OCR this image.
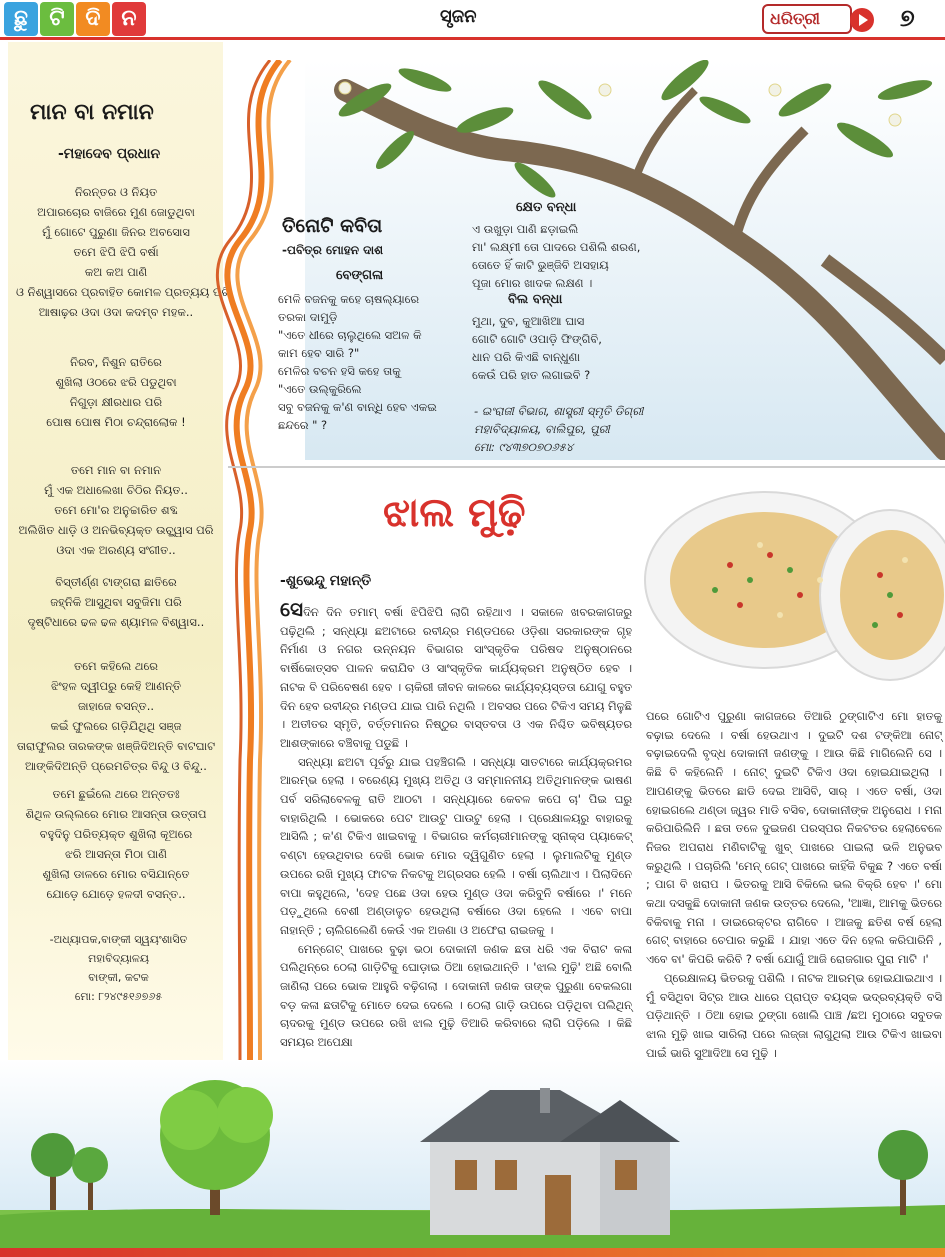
ଛୁ ଟି ଦି ନ	ସୃଜନ	ଧରିତ୍ରୀ	୭
ମାନ ବା ନମାନ
-ମହାଦେବ ପ୍ରଧାନ
ନିରନ୍ତର ଓ ନିୟତ
ଅପାରଚୋର ବାଜିରେ ମୁଣ ଜୋଡୁଥିବା
ମୁଁ ଗୋଟେ ପୁରୁଣା ଜିନର ଅବସୋସ
ତମେ ଝିପି ଝିପି ବର୍ଷା
କଅ କଅ ପାଣି
ଓ ନିଶ୍ୱାସରେ ପ୍ରବାହିତ କୋମଳ ପ୍ରତ୍ୟୟ ପରି
ଆଷାଢ଼ର ଓଦା ଓଦା କଦମ୍ବ ମହକ..
ନିରବ, ନିଶୁନ ରାତିରେ
ଶୁଖିଲା ଓଠରେ ଝରି ପଡୁଥିବା
ନିଗୁଡ଼ା କ୍ଷୀରଧାର ପରି
ପୋଷ ପୋଷ ମିଠା ଚନ୍ଦ୍ରାଲୋକ !
ତମେ ମାନ ବା ନମାନ
ମୁଁ ଏକ ଅଧାଲେଖା ଚିଠିର ନିୟତ..
ତମେ ମୋ'ର ଅନୁଚ୍ଚାରିତ ଶବ୍ଦ
ଅଲିଖିତ ଧାଡ଼ି ଓ ଅନଭିବ୍ୟକ୍ତ ଉଚ୍ଛ୍ୱାସ ପରି
ଓଦା ଏକ ଅରଣ୍ୟ ସଂଗୀତ..
ବିସ୍ତୀର୍ଣ୍ଣ ଟାଙ୍ଗରା ଛାତିରେ
ଜହ୍ନିକି ଆସୁଥିବା ସବୁଜିମା ପରି
ଦୃଷ୍ଟିଧାରେ ଢଳ ଢଳ ଶ୍ୟାମଳ ବିଶ୍ୱାସ..
ତମେ କହିଲେ ଥରେ
ଝିଂହଳ ଦ୍ୱୀପରୁ କେହି ଆଣନ୍ତି
ଜାହାଜେ ବସନ୍ତ..
କଇଁ ଫୁଲରେ ଗଡ଼ିଯିଥିଥି ସଞ୍ଜ
ତାରାଫୁଲର ତାରକଙ୍କ ଖଞ୍ଜିଦିଅନ୍ତି ବାଟଘାଟ
ଆଙ୍କିଦିଅନ୍ତି ପ୍ରେମଚିତ୍ର ବିନ୍ଦୁ ଓ ବିନ୍ଦୁ..
ତମେ ଛୁଇଁଲେ ଥରେ ଅନ୍ତତଃ
ଶିଥିଳ ଉଲ୍ଲରେ ମୋର ଆସନ୍ତା ଉତ୍ତାପ
ବହୁଦିନୁ ପରିତ୍ୟକ୍ତ ଶୁଖିଲା କୂଅରେ
ଝରି ଆସନ୍ତା ମିଠା ପାଣି
ଶୁଖିଲା ଡାଳରେ ମୋର ବସିଯାନ୍ତେ
ଯୋଡ଼େ ଯୋଡ଼େ ହଳଦୀ ବସନ୍ତ..
-ଅଧ୍ୟାପକ,ବାଙ୍କୀ ସ୍ୱୟଂଶାସିତ
ମହାବିଦ୍ୟାଳୟ
ବାଙ୍କୀ, କଟକ
ମୋ: ୮୨୪୯୫୧୬୭୬୫
ତିନୋଟି କବିତା
-ପବିତ୍ର ମୋହନ ଦାଶ
ବେଙ୍ଗଳା
ମେଳି ବଜନକୁ କହେ ଚାଷଲ୍ୟାରେ
ତରକା ଦାମୁଡ଼ି
"ଏତେ ଧୀରେ ଚାଲୁଥିଲେ ସଅଳ କି
କାମ ହେବ ସାରି ?"
ମେଳିର ବଚନ ହସି କହେ ତାକୁ
"ଏତେ ଉଲ୍କୁରିଲେ
ସବୁ ବଜନକୁ କ'ଣ ବାନ୍ଧି ହେବ ଏକଇ
ଛନ୍ଦରେ " ?
କ୍ଷେତ ବନ୍ଧା
ଏ ଉଖୁଡ଼ା ପାଣି ଛଡ଼ାଇଲି
ମା' ଲକ୍ଷ୍ମୀ ତୋ ପାଦରେ ପଶିଲି ଶରଣ,
ତୋତେ ହିଁ କାଟି ଭୁଞ୍ଜିବି ଅସହାୟ
ପୂଜା ମୋର ଖାଦକ ଲକ୍ଷଣ ।
ବିଲ ବନ୍ଧା
ମୁଥା, ଦୁବ, କୁଆଖିଆ ଘାସ
ଗୋଟି ଗୋଟି ଓପାଡ଼ି ଫିଙ୍ଗିବି,
ଧାନ ପରି କିଏଛି ବାନ୍ଧୁଣା
କେଉଁ ପରି ହାତ ଲଗାଇବି ?
- ଇଂରାଜୀ ବିଭାଗ, ଶାସ୍ତ୍ରୀ ସ୍ମୃତି ଡିଗ୍ରୀ
ମହାବିଦ୍ୟାଳୟ, ବାଲିପୁର, ପୁରୀ
ମୋ: ୯୪୩୭୦୭୦୬୫୪
ଝାଲ ମୁଢ଼ି
-ଶୁଭେନ୍ଦୁ ମହାନ୍ତି

ସେଦିନ ଦିନ ତମାମ୍ ବର୍ଷା ଝିପିଝିପି ଲାଗି ରହିଥାଏ । ସକାଳେ ଖବରକାଗଜରୁ ପଢ଼ିଥିଲି ; ସନ୍ଧ୍ୟା ଛଅଟାରେ ରବୀନ୍ଦ୍ର ମଣ୍ଡପରେ ଓଡ଼ିଶା ସରକାରଙ୍କ ଗୃହ ନିର୍ମାଣ ଓ ନଗର ଉନ୍ନୟନ ବିଭାଗର ସାଂସ୍କୃତିକ ପରିଷଦ ଅନୁଷ୍ଠାନରେ ବାର୍ଷିକୋତ୍ସବ ପାଳନ କରାଯିବ ଓ ସାଂସ୍କୃତିକ କାର୍ଯ୍ୟକ୍ରମ ଅନୁଷ୍ଠିତ ହେବ । ନାଟକ ବି ପରିବେଷଣ ହେବ । ଚାକିରୀ ଜୀବନ କାଳରେ କାର୍ଯ୍ୟବ୍ୟସ୍ତତା ଯୋଗୁ ବହୁତ ଦିନ ହେବ ରବୀନ୍ଦ୍ର ମଣ୍ଡପ ଯାଇ ପାରି ନଥିଲି । ଅବସର ପରେ ଟିକିଏ ସମୟ ମିଳୁଛି । ଅତୀତର ସ୍ମୃତି, ବର୍ତ୍ତମାନର ନିଷ୍ଠୁର ବାସ୍ତବତା ଓ ଏକ ନିଶ୍ଚିତ ଭବିଷ୍ୟତର ଆଶଙ୍କାରେ ବଞ୍ଚିବାକୁ ପଡୁଛି ।

ସନ୍ଧ୍ୟା ଛଅଟା ପୂର୍ବରୁ ଯାଇ ପହଞ୍ଚିଗଲି । ସନ୍ଧ୍ୟା ସାତଟାରେ କାର୍ଯ୍ୟକ୍ରମର ଆରମ୍ଭ ହେଲା । ବରେଣ୍ୟ ମୁଖ୍ୟ ଅତିଥି ଓ ସମ୍ମାନନୀୟ ଅତିଥିମାନଙ୍କ ଭାଷଣ ପର୍ବ ସରିଲାବେଳକୁ ରାତି ଆଠଟା । ସନ୍ଧ୍ୟାରେ କେବଳ କପେ ଚା' ପିଇ ଘରୁ ବାହାରିଥିଲି । ଭୋକରେ ପେଟ ଆଉଟୁ ପାଉଟୁ ହେଲା । ପ୍ରେକ୍ଷାଳୟରୁ ବାହାରକୁ ଆସିଲି ; କ'ଣ ଟିକିଏ ଖାଇବାକୁ । ବିଭାଗର କର୍ମଚାରୀମାନଙ୍କୁ ସ୍ନାକ୍ସ ପ୍ୟାକେଟ୍ ବଣ୍ଟା ହେଉଥିବାର ଦେଖି ଭୋକ ମୋର ଦ୍ୱିଗୁଣିତ ହେଲା । ଲୁମାଲଟିକୁ ମୁଣ୍ଡ ଉପରେ ରଖି ମୁଖ୍ୟ ଫାଟକ ନିକଟକୁ ଅଗ୍ରସର ହେଲି । ବର୍ଷା ଚାଲିଥାଏ । ପିଲାଦିନେ ବାପା କହୁଥିଲେ, 'ଦେହ ପଛେ ଓଦା ହେଉ ମୁଣ୍ଡ ଓଦା କରିବୁନି ବର୍ଷାରେ ।' ମନେ ପଡ଼ୁଥିଲେ ବେଶୀ ଅଣ୍ଡାଳୁଚ ହେଉଥିଲା ବର୍ଷାରେ ଓଦା ହେଲେ । ଏବେ ବାପା ନାହାନ୍ତି ; ଚାଲିଗଲେଣି କେଉଁ ଏକ ଅଜଣା ଓ ଅଫେରା ରାଇଜକୁ ।

ମେନ୍‌ଗେଟ୍ ପାଖରେ ବୁଢ଼ା ଭଠା ଦୋକାନୀ ଜଣକ ଛତା ଧରି ଏକ ବିରାଟ କଳା ପଲିଥିନ୍‌ରେ ଠେଲା ଗାଡ଼ିଟିକୁ ଘୋଡ଼ାଇ ଠିଆ ହୋଇଥାନ୍ତି । 'ଝାଲ ମୁଢ଼ି' ଅଛି ବୋଲି ଜାଣିଲା ପରେ ଭୋକ ଆହୁରି ବଢ଼ିଗଲା । ଦୋକାନୀ ଜଣକ ତାଙ୍କ ପୁରୁଣା ବେକଲଗା ବଡ଼ କଳା ଛତାଟିକୁ ମୋତେ ଦେଇ ଦେଲେ । ଠେଲା ଗାଡ଼ି ଉପରେ ପଡ଼ିଥିବା ପଲିଥିନ୍ ଚାଦରକୁ ମୁଣ୍ଡ ଉପରେ ରଖି ଝାଲ ମୁଢ଼ି ତିଆରି କରିବାରେ ଲାଗି ପଡ଼ିଲେ । କିଛି ସମୟର ଅପେକ୍ଷା

ପରେ ଗୋଟିଏ ପୁରୁଣା କାଗଜରେ ତିଆରି ଠୁଙ୍ଗାଟିଏ ମୋ ହାତକୁ ବଢ଼ାଇ ଦେଲେ । ବର୍ଷା ହେଉଥାଏ । ଦୁଇଟି ଦଶ ଟଙ୍କିଆ ନୋଟ୍ ବଢ଼ାଇଦେଲି ବୃଦ୍ଧ ଦୋକାନୀ ଜଣଙ୍କୁ । ଆଉ କିଛି ମାଗିଲେନି ସେ । କିଛି ବି କହିଲେନି । ନୋଟ୍ ଦୁଇଟି ଟିକିଏ ଓଦା ହୋଇଯାଇଥିଲା । ଆପଣଙ୍କୁ ଭିତରେ ଛାଡି ଦେଇ ଆସିବି, ସାର୍ । ଏତେ ବର୍ଷା, ଓଦା ହୋଇଗଲେ ଥଣ୍ଡା ଜ୍ୱର ମାଡି ବସିବ, ଦୋକାନୀଙ୍କ ଅନୁରୋଧ । ମନା କରିପାରିଲିନି । ଛତା ତଳେ ଦୁଇଜଣ ପରସ୍ପର ନିକଟତର ହେଲାବେଳେ ନିଜର ଅପରାଧ ମଣିବାଟିକୁ ଖୁବ୍ ପାଖରେ ପାଇଲା ଭଳି ଅନୁଭବ କରୁଥିଲି । ପଚାରିଲି 'ମେନ୍ ଗେଟ୍ ପାଖରେ କାହିଁକି ବିକୁଛ ? ଏତେ ବର୍ଷା ; ପାଗ ବି ଖରାପ । ଭିତରକୁ ଆସି ବିକିଲେ ଭଲ ବିକ୍ରି ହେବ ।' ମୋ କଥା ଦସକୁଛି ଦୋକାନୀ ଜଣକ ଉତ୍ତର ଦେଲେ, 'ଆଜ୍ଞା, ଆମକୁ ଭିତରେ ବିକିବାକୁ ମନା । ଡାଇରେକ୍ଟର ରାଗିବେ । ଆଜକୁ ଛତିଶ ବର୍ଷ ହେଲା ଗେଟ୍ ବାହାରେ ଚେପାର କରୁଛି । ଯାହା ଏତେ ଦିନ ହେଲ କରିପାରିନି , ଏବେ ବା' କିପରି କରିବି ? ବର୍ଷା ଯୋଗୁଁ ଆଜି ରୋଜଗାର ପୁରା ମାଟି ।'

ପ୍ରେକ୍ଷାଳୟ ଭିତରକୁ ପଶିଲି । ନାଟକ ଆରମ୍ଭ ହୋଇଯାଇଥାଏ । ମୁଁ ବସିଥିବା ସିଟ୍‌ର ଆଉ ଧାରେ ପ୍ରାପ୍ତ ବୟସ୍କ ଭଦ୍ରବ୍ୟକ୍ତି ବସି ପଡ଼ିଥାନ୍ତି । ଠିଆ ହୋଇ ଠୁଙ୍ଗା ଖୋଲି ପାଞ୍ଚ /ଛଅ ମୁଠାରେ ସବୁତକ ଝାଲ ମୁଢ଼ି ଖାଇ ସାରିଲା ପରେ ଲଜ୍ଜା ଲାଗୁଥିଲା ଆଉ ଟିକିଏ ଖାଇବା ପାଇଁ ଭାରି ସୁଆଦିଆ ସେ ମୁଢ଼ି ।
